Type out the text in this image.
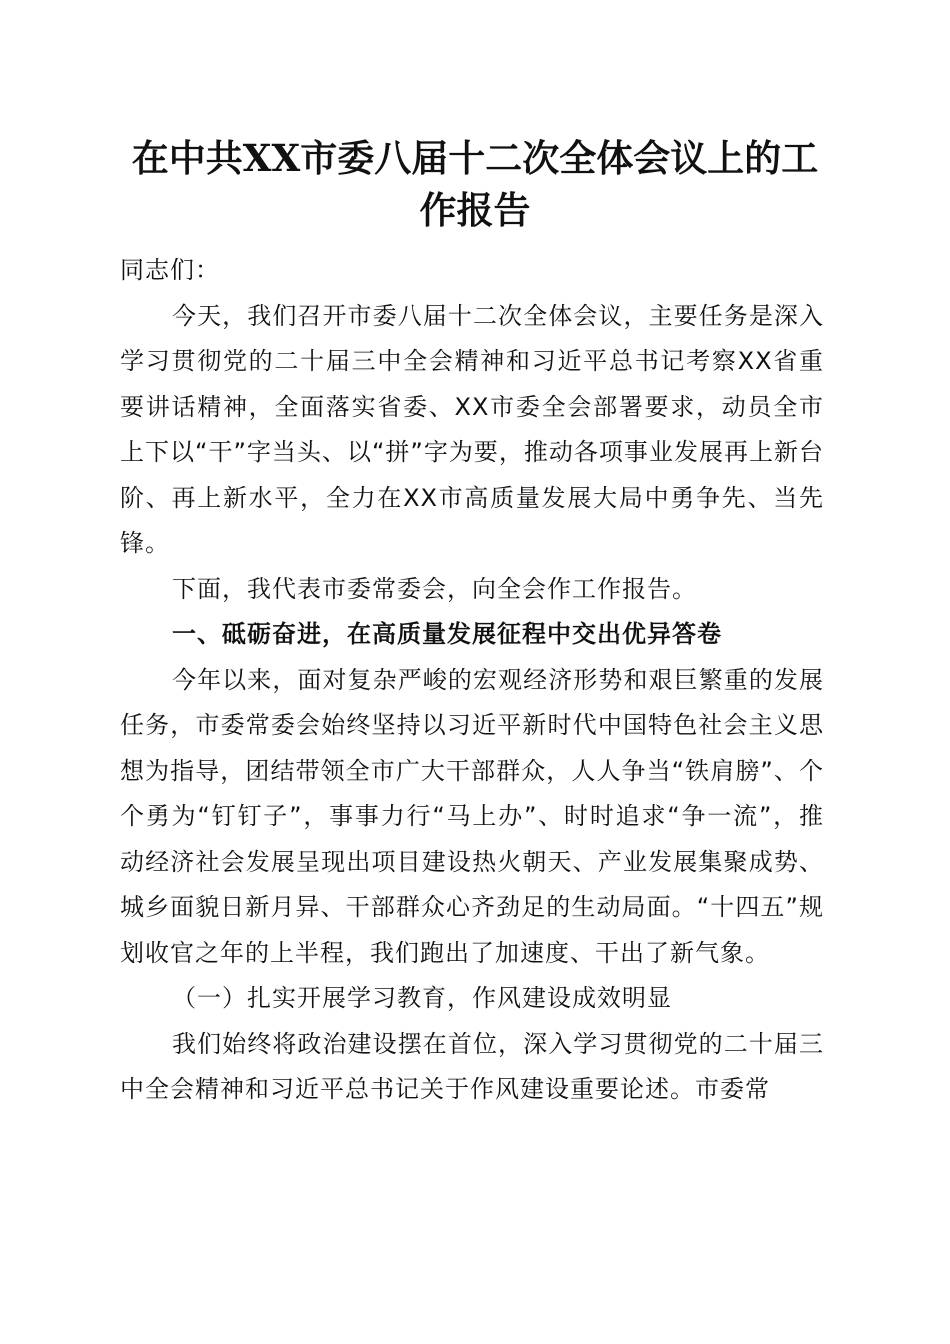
在中共XX市委八届十二次全体会议上的工作报告

同志们：

今天，我们召开市委八届十二次全体会议，主要任务是深入学习贯彻党的二十届三中全会精神和习近平总书记考察XX省重要讲话精神，全面落实省委、XX市委全会部署要求，动员全市上下以“干”字当头、以“拼”字为要，推动各项事业发展再上新台阶、再上新水平，全力在XX市高质量发展大局中勇争先、当先锋。

下面，我代表市委常委会，向全会作工作报告。

一、砥砺奋进，在高质量发展征程中交出优异答卷

今年以来，面对复杂严峻的宏观经济形势和艰巨繁重的发展任务，市委常委会始终坚持以习近平新时代中国特色社会主义思想为指导，团结带领全市广大干部群众，人人争当“铁肩膀”、个个勇为“钉钉子”，事事力行“马上办”、时时追求“争一流”，推动经济社会发展呈现出项目建设热火朝天、产业发展集聚成势、城乡面貌日新月异、干部群众心齐劲足的生动局面。“十四五”规划收官之年的上半程，我们跑出了加速度、干出了新气象。

（一）扎实开展学习教育，作风建设成效明显

我们始终将政治建设摆在首位，深入学习贯彻党的二十届三中全会精神和习近平总书记关于作风建设重要论述。市委常
